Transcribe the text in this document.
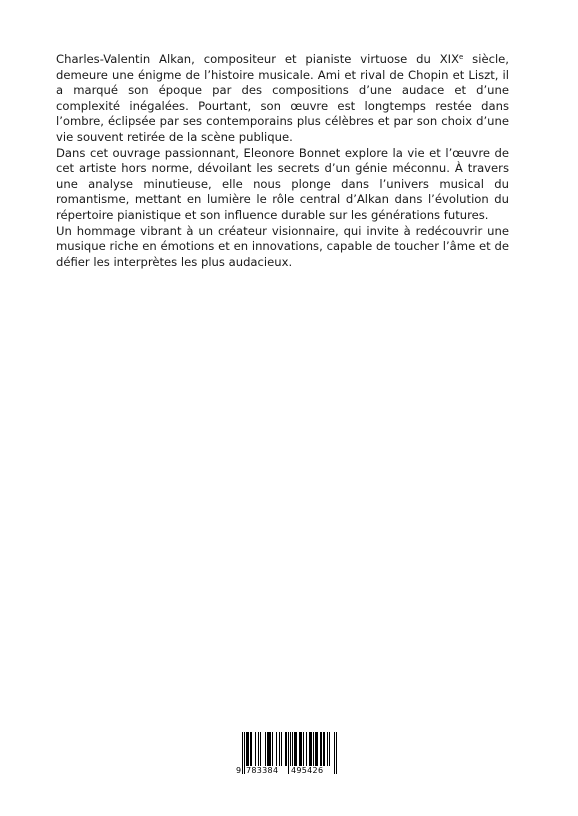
Charles-Valentin Alkan, compositeur et pianiste virtuose du XIXe siècle, demeure une énigme de l’histoire musicale. Ami et rival de Chopin et Liszt, il a marqué son époque par des compositions d’une audace et d’une complexité inégalées. Pourtant, son œuvre est longtemps restée dans l’ombre, éclipsée par ses contemporains plus célèbres et par son choix d’une vie souvent retirée de la scène publique.

Dans cet ouvrage passionnant, Eleonore Bonnet explore la vie et l’œuvre de cet artiste hors norme, dévoilant les secrets d’un génie méconnu. À travers une analyse minutieuse, elle nous plonge dans l’univers musical du romantisme, mettant en lumière le rôle central d’Alkan dans l’évolution du répertoire pianistique et son influence durable sur les générations futures.

Un hommage vibrant à un créateur visionnaire, qui invite à redécouvrir une musique riche en émotions et en innovations, capable de toucher l’âme et de défier les interprètes les plus audacieux.

9 783384 495426
